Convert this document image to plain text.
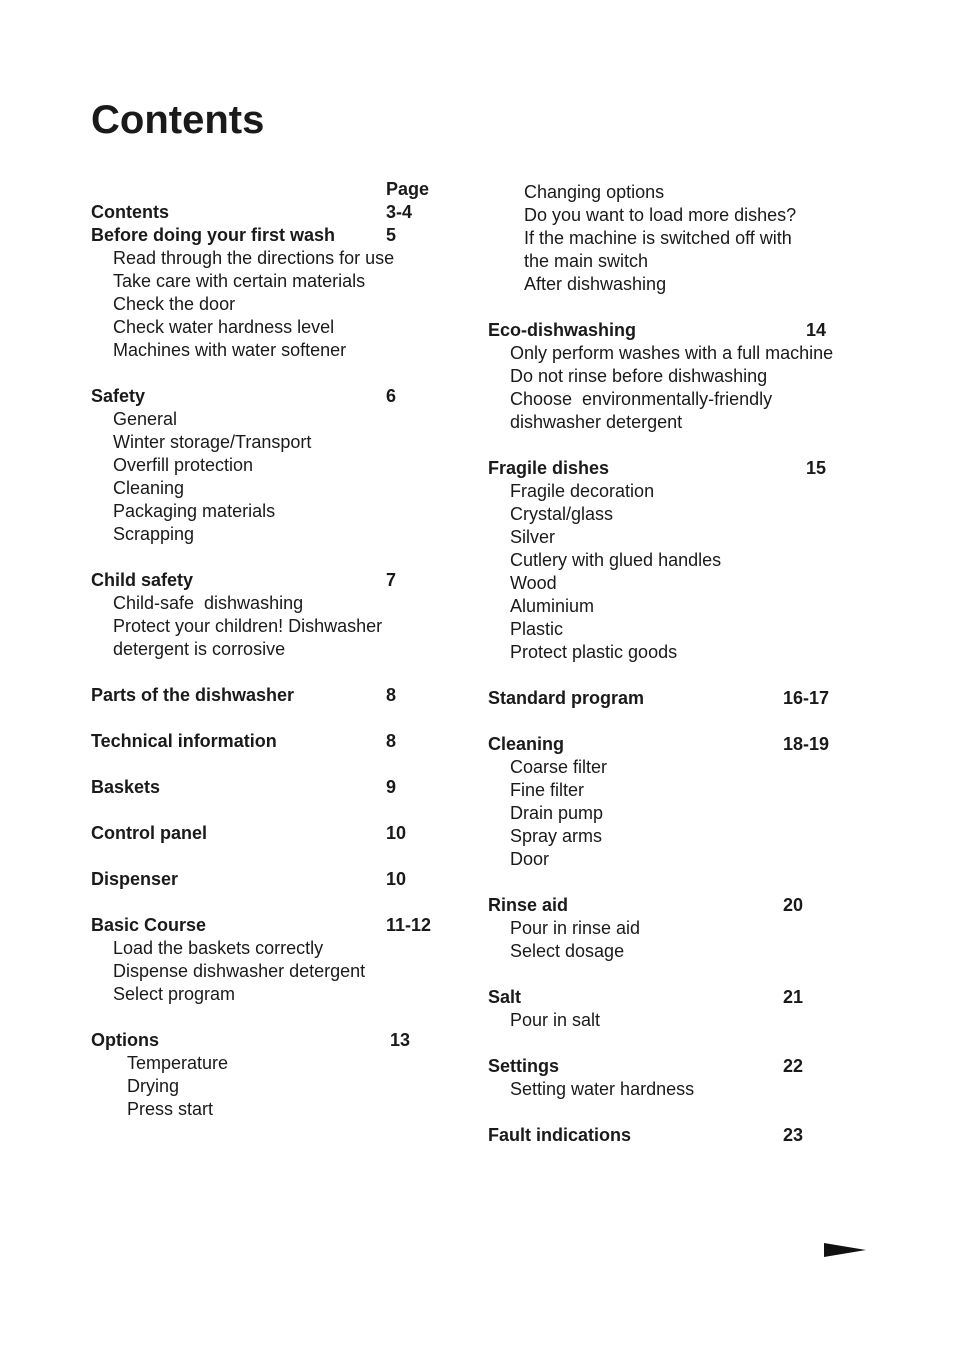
Contents
Page
Contents	3-4
Before doing your first wash	5
Read through the directions for use
Take care with certain materials
Check the door
Check water hardness level
Machines with water softener
Safety	6
General
Winter storage/Transport
Overfill protection
Cleaning
Packaging materials
Scrapping
Child safety	7
Child-safe  dishwashing
Protect your children! Dishwasher
detergent is corrosive
Parts of the dishwasher	8
Technical information	8
Baskets	9
Control panel	10
Dispenser	10
Basic Course	11-12
Load the baskets correctly
Dispense dishwasher detergent
Select program
Options	13
Temperature
Drying
Press start
Changing options
Do you want to load more dishes?
If the machine is switched off with
the main switch
After dishwashing
Eco-dishwashing	14
Only perform washes with a full machine
Do not rinse before dishwashing
Choose  environmentally-friendly
dishwasher detergent
Fragile dishes	15
Fragile decoration
Crystal/glass
Silver
Cutlery with glued handles
Wood
Aluminium
Plastic
Protect plastic goods
Standard program	16-17
Cleaning	18-19
Coarse filter
Fine filter
Drain pump
Spray arms
Door
Rinse aid	20
Pour in rinse aid
Select dosage
Salt	21
Pour in salt
Settings	22
Setting water hardness
Fault indications	23
